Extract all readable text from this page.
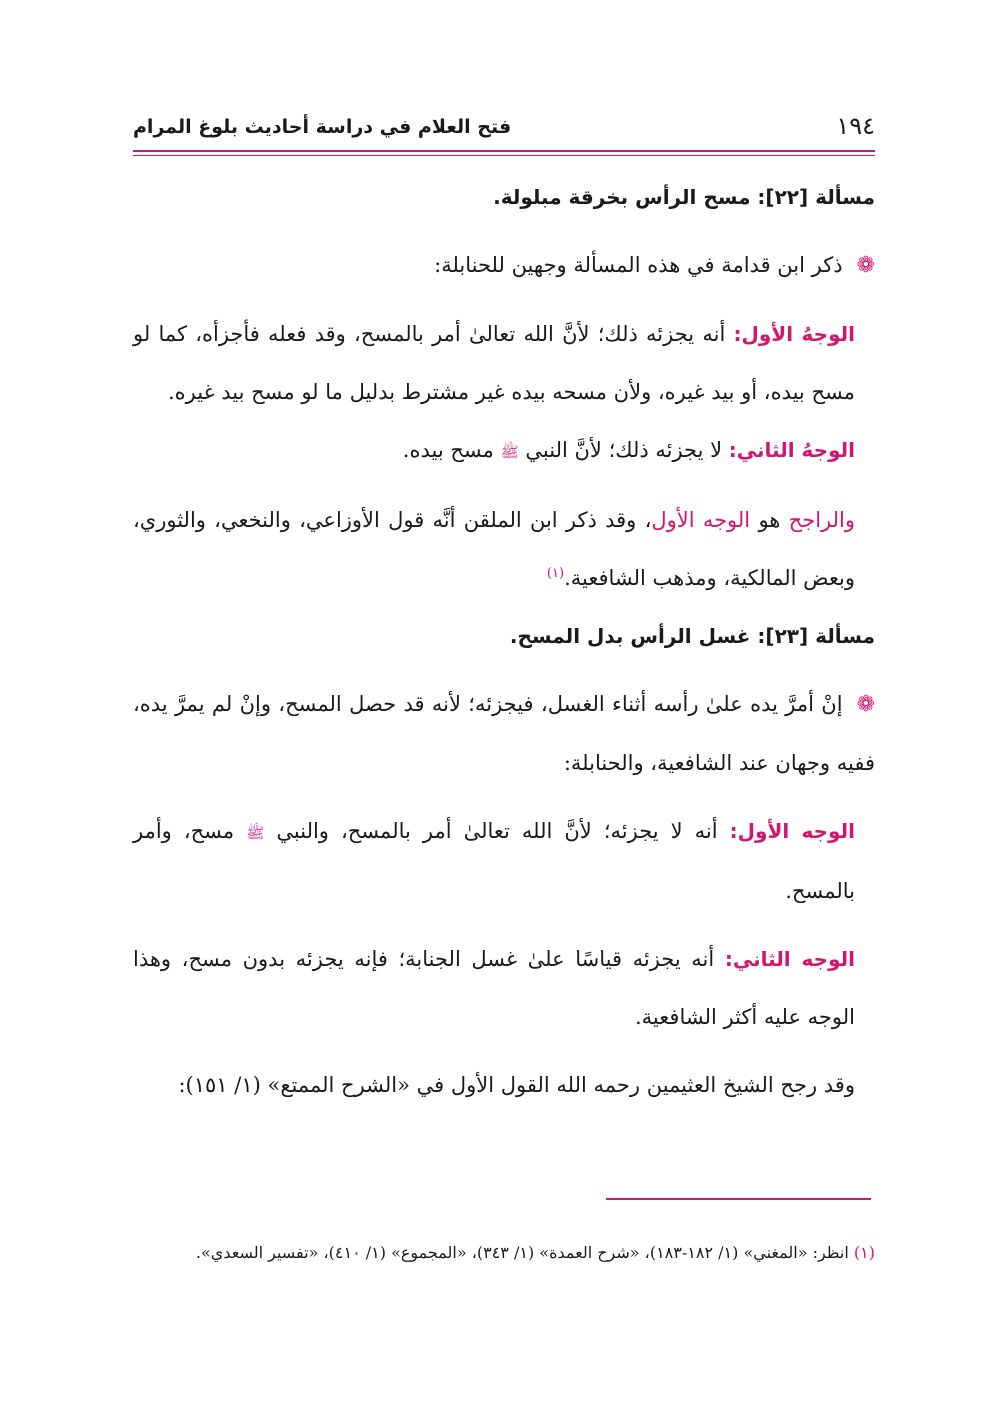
فتح العلام في دراسة أحاديث بلوغ المرام	١٩٤

مسألة [٢٢]: مسح الرأس بخرقة مبلولة.

❁ذكر ابن قدامة في هذه المسألة وجهين للحنابلة:

الوجهُ الأول: أنه يجزئه ذلك؛ لأنَّ الله تعالىٰ أمر بالمسح، وقد فعله فأجزأه، كما لو مسح بيده، أو بيد غيره، ولأن مسحه بيده غير مشترط بدليل ما لو مسح بيد غيره.

الوجهُ الثاني: لا يجزئه ذلك؛ لأنَّ النبي ﷺ مسح بيده.

والراجح هو الوجه الأول، وقد ذكر ابن الملقن أنَّه قول الأوزاعي، والنخعي، والثوري، وبعض المالكية، ومذهب الشافعية.$^{(١)}$

مسألة [٢٣]: غسل الرأس بدل المسح.

❁إنْ أمرَّ يده علىٰ رأسه أثناء الغسل، فيجزئه؛ لأنه قد حصل المسح، وإنْ لم يمرَّ يده، ففيه وجهان عند الشافعية، والحنابلة:

الوجه الأول: أنه لا يجزئه؛ لأنَّ الله تعالىٰ أمر بالمسح، والنبي ﷺ مسح، وأمر بالمسح.

الوجه الثاني: أنه يجزئه قياسًا علىٰ غسل الجنابة؛ فإنه يجزئه بدون مسح، وهذا الوجه عليه أكثر الشافعية.

وقد رجح الشيخ العثيمين رحمه الله القول الأول في «الشرح الممتع» (١/ ١٥١):

(١) انظر: «المغني» (١/ ١٨٢-١٨٣)، «شرح العمدة» (١/ ٣٤٣)، «المجموع» (١/ ٤١٠)، «تفسير السعدي».
